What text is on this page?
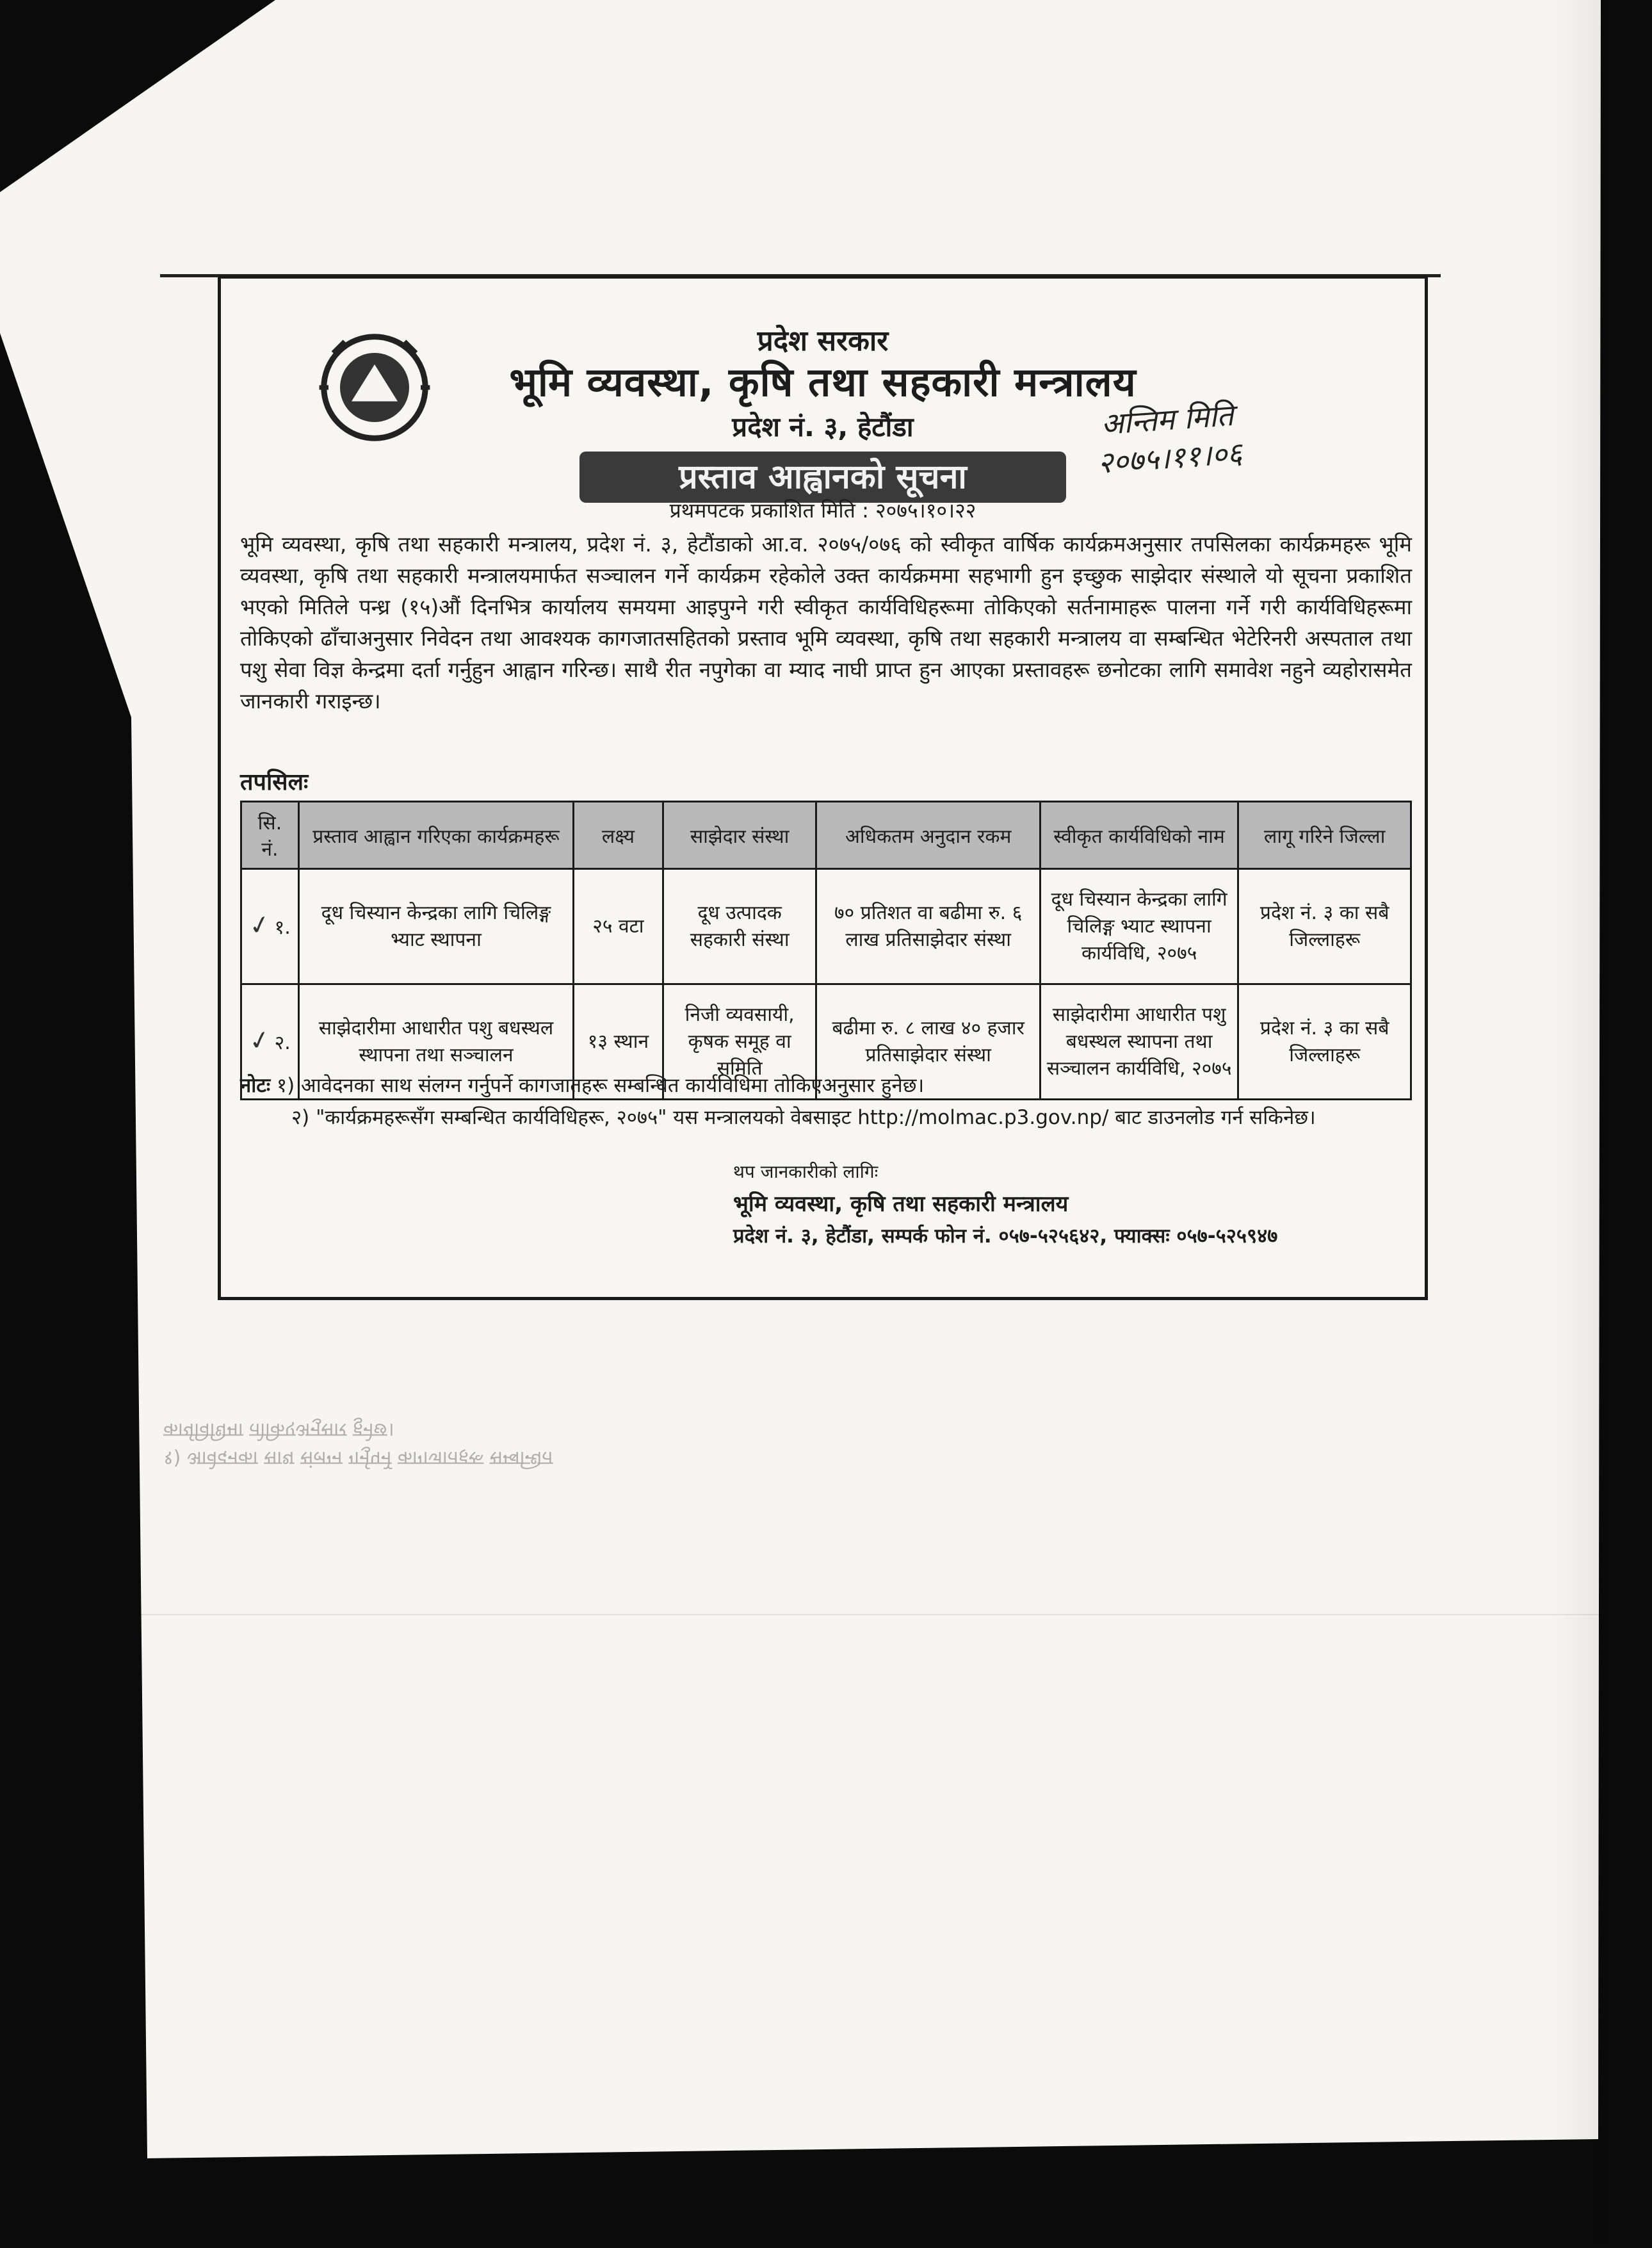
१) आवेदनका साथ संलग्न गर्नुपर्ने कागजातहरू सम्बन्धित कार्यविधिमा तोकिएअनुसार हुनेछ।
प्रदेश सरकार
भूमि व्यवस्था, कृषि तथा सहकारी मन्त्रालय
प्रदेश नं. ३, हेटौंडा
प्रस्ताव आह्वानको सूचना
अन्तिम मिति
२०७५।११।०६
प्रथमपटक प्रकाशित मिति : २०७५।१०।२२
भूमि व्यवस्था, कृषि तथा सहकारी मन्त्रालय, प्रदेश नं. ३, हेटौंडाको आ.व. २०७५/०७६ को स्वीकृत वार्षिक कार्यक्रमअनुसार तपसिलका कार्यक्रमहरू भूमि व्यवस्था, कृषि तथा सहकारी मन्त्रालयमार्फत सञ्चालन गर्ने कार्यक्रम रहेकोले उक्त कार्यक्रममा सहभागी हुन इच्छुक साझेदार संस्थाले यो सूचना प्रकाशित भएको मितिले पन्ध्र (१५)औं दिनभित्र कार्यालय समयमा आइपुग्ने गरी स्वीकृत कार्यविधिहरूमा तोकिएको सर्तनामाहरू पालना गर्ने गरी कार्यविधिहरूमा तोकिएको ढाँचाअनुसार निवेदन तथा आवश्यक कागजातसहितको प्रस्ताव भूमि व्यवस्था, कृषि तथा सहकारी मन्त्रालय वा सम्बन्धित भेटेरिनरी अस्पताल तथा पशु सेवा विज्ञ केन्द्रमा दर्ता गर्नुहुन आह्वान गरिन्छ। साथै रीत नपुगेका वा म्याद नाघी प्राप्त हुन आएका प्रस्तावहरू छनोटका लागि समावेश नहुने व्यहोरासमेत जानकारी गराइन्छ।
तपसिलः
सि. नं.	प्रस्ताव आह्वान गरिएका कार्यक्रमहरू	लक्ष्य	साझेदार संस्था	अधिकतम अनुदान रकम	स्वीकृत कार्यविधिको नाम	लागू गरिने जिल्ला
✓१.	दूध चिस्यान केन्द्रका लागि चिलिङ्ग भ्याट स्थापना	२५ वटा	दूध उत्पादक सहकारी संस्था	७० प्रतिशत वा बढीमा रु. ६ लाख प्रतिसाझेदार संस्था	दूध चिस्यान केन्द्रका लागि चिलिङ्ग भ्याट स्थापना कार्यविधि, २०७५	प्रदेश नं. ३ का सबै जिल्लाहरू
✓२.	साझेदारीमा आधारीत पशु बधस्थल स्थापना तथा सञ्चालन	१३ स्थान	निजी व्यवसायी, कृषक समूह वा समिति	बढीमा रु. ८ लाख ४० हजार प्रतिसाझेदार संस्था	साझेदारीमा आधारीत पशु बधस्थल स्थापना तथा सञ्चालन कार्यविधि, २०७५	प्रदेश नं. ३ का सबै जिल्लाहरू
नोटः १) आवेदनका साथ संलग्न गर्नुपर्ने कागजातहरू सम्बन्धित कार्यविधिमा तोकिएअनुसार हुनेछ।
२) "कार्यक्रमहरूसँग सम्बन्धित कार्यविधिहरू, २०७५" यस मन्त्रालयको वेबसाइट http://molmac.p3.gov.np/ बाट डाउनलोड गर्न सकिनेछ।
थप जानकारीको लागिः
भूमि व्यवस्था, कृषि तथा सहकारी मन्त्रालय
प्रदेश नं. ३, हेटौंडा, सम्पर्क फोन नं. ०५७-५२५६४२, फ्याक्सः ०५७-५२५९४७
